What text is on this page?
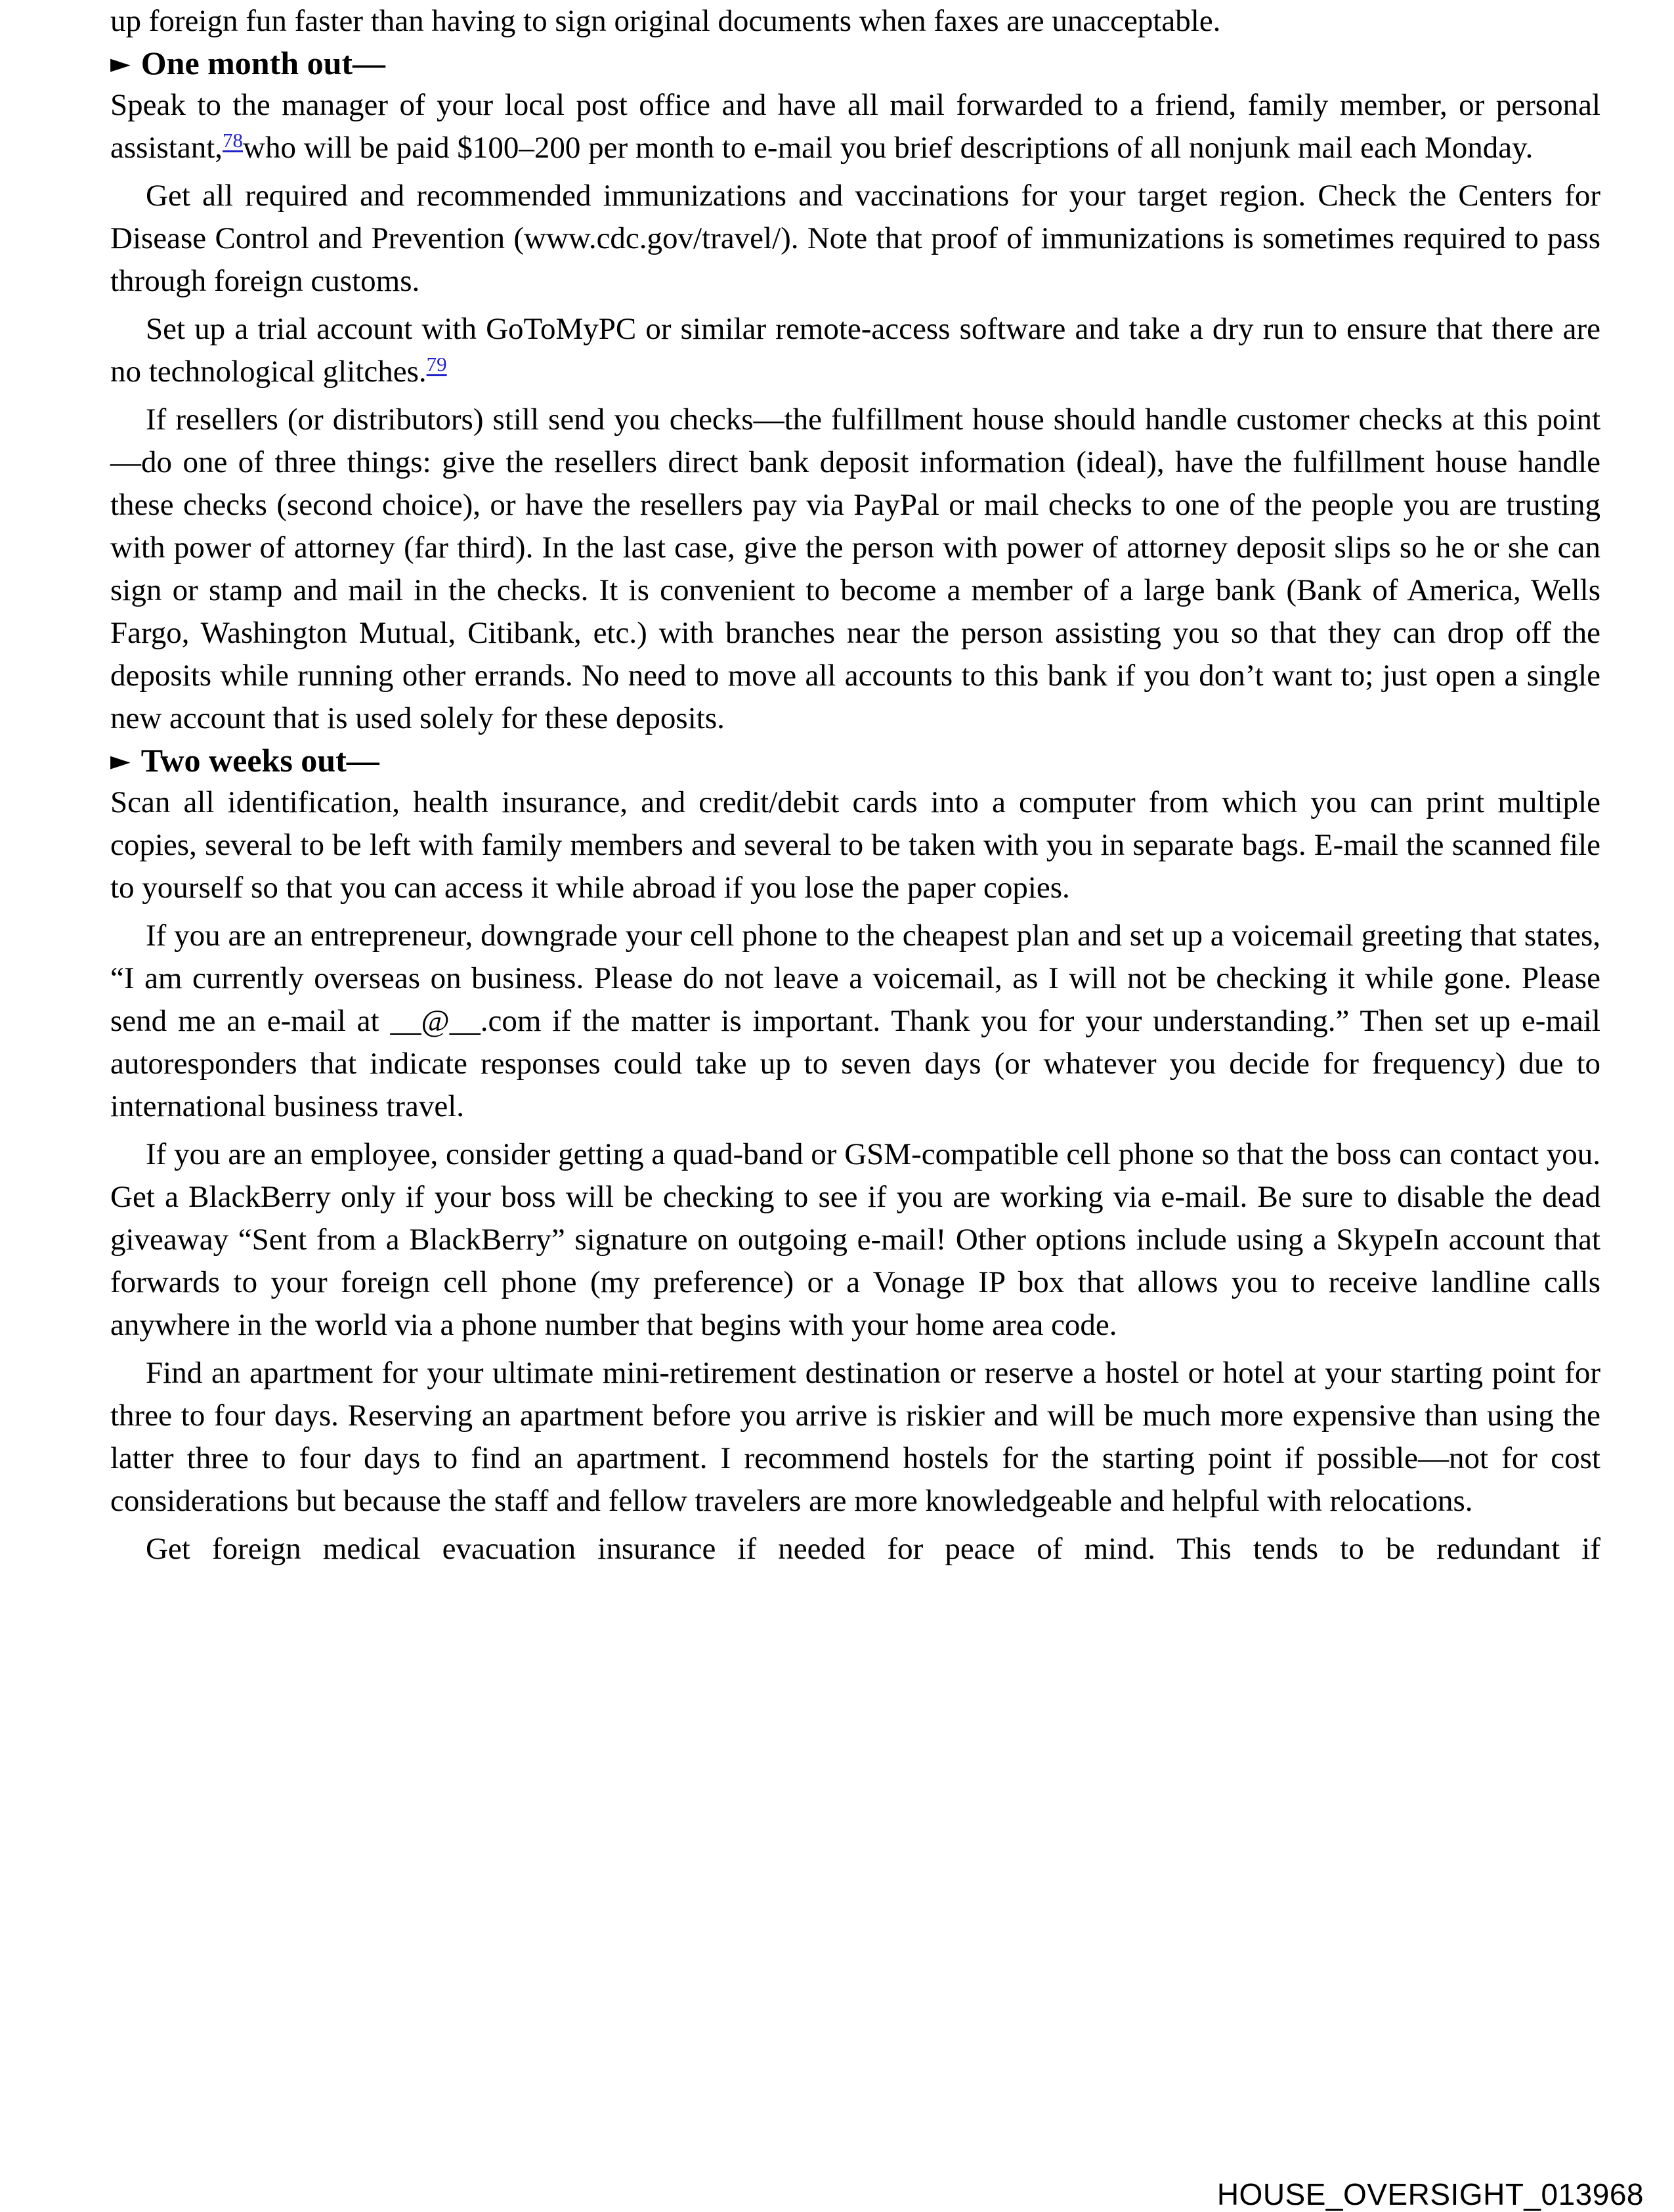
up foreign fun faster than having to sign original documents when faxes are unacceptable.

► One month out—

Speak to the manager of your local post office and have all mail forwarded to a friend, family member, or personal assistant,$^{78}$who will be paid $100–200 per month to e-mail you brief descriptions of all nonjunk mail each Monday.

Get all required and recommended immunizations and vaccinations for your target region. Check the Centers for Disease Control and Prevention (www.cdc.gov/travel/). Note that proof of immunizations is sometimes required to pass through foreign customs.

Set up a trial account with GoToMyPC or similar remote-access software and take a dry run to ensure that there are no technological glitches.$^{79}$

If resellers (or distributors) still send you checks—the fulfillment house should handle customer checks at this point—do one of three things: give the resellers direct bank deposit information (ideal), have the fulfillment house handle these checks (second choice), or have the resellers pay via PayPal or mail checks to one of the people you are trusting with power of attorney (far third). In the last case, give the person with power of attorney deposit slips so he or she can sign or stamp and mail in the checks. It is convenient to become a member of a large bank (Bank of America, Wells Fargo, Washington Mutual, Citibank, etc.) with branches near the person assisting you so that they can drop off the deposits while running other errands. No need to move all accounts to this bank if you don’t want to; just open a single new account that is used solely for these deposits.

► Two weeks out—

Scan all identification, health insurance, and credit/debit cards into a computer from which you can print multiple copies, several to be left with family members and several to be taken with you in separate bags. E-mail the scanned file to yourself so that you can access it while abroad if you lose the paper copies.

If you are an entrepreneur, downgrade your cell phone to the cheapest plan and set up a voicemail greeting that states, “I am currently overseas on business. Please do not leave a voicemail, as I will not be checking it while gone. Please send me an e-mail at __@__.com if the matter is important. Thank you for your understanding.” Then set up e-mail autoresponders that indicate responses could take up to seven days (or whatever you decide for frequency) due to international business travel.

If you are an employee, consider getting a quad-band or GSM-compatible cell phone so that the boss can contact you. Get a BlackBerry only if your boss will be checking to see if you are working via e-mail. Be sure to disable the dead giveaway “Sent from a BlackBerry” signature on outgoing e-mail! Other options include using a SkypeIn account that forwards to your foreign cell phone (my preference) or a Vonage IP box that allows you to receive landline calls anywhere in the world via a phone number that begins with your home area code.

Find an apartment for your ultimate mini-retirement destination or reserve a hostel or hotel at your starting point for three to four days. Reserving an apartment before you arrive is riskier and will be much more expensive than using the latter three to four days to find an apartment. I recommend hostels for the starting point if possible—not for cost considerations but because the staff and fellow travelers are more knowledgeable and helpful with relocations.

Get foreign medical evacuation insurance if needed for peace of mind. This tends to be redundant if

HOUSE_OVERSIGHT_013968
